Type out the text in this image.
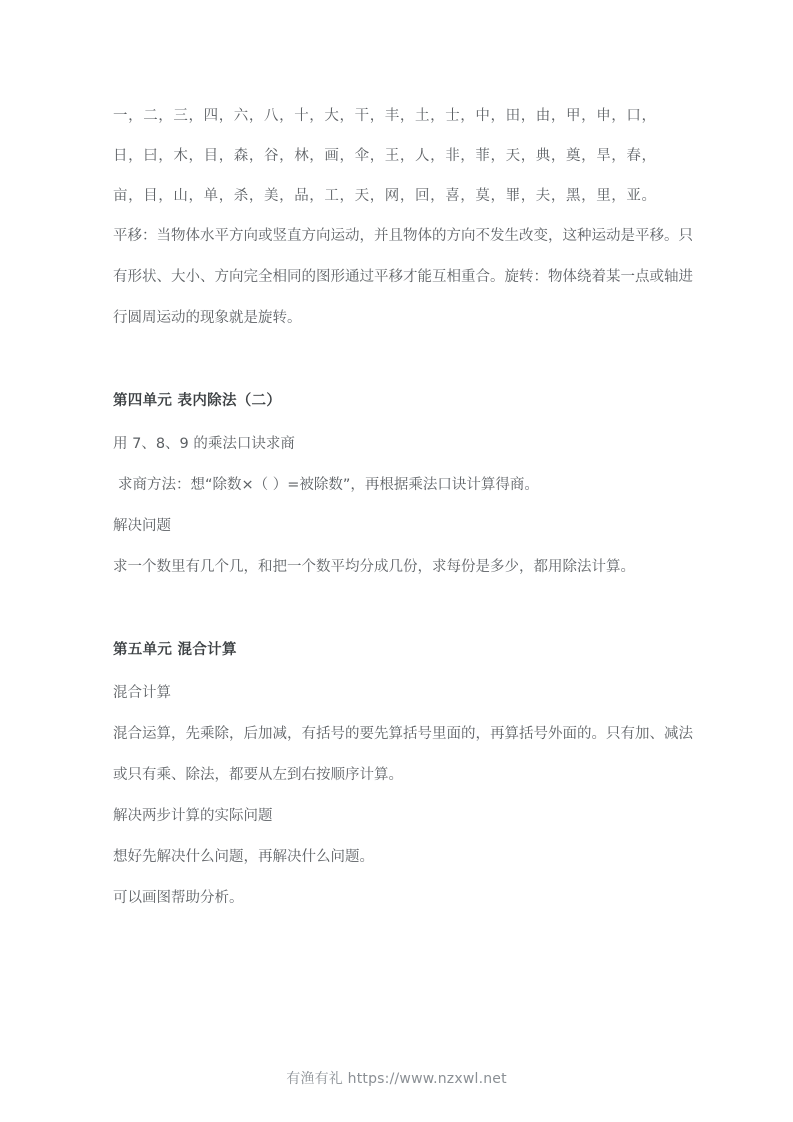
一，二，三，四，六，八，十，大，干，丰，土，士，中，田，由，甲，申，口，
日，曰，木，目，森，谷，林，画，伞，王，人，非，菲，天，典，奠，旱，春，
亩，目，山，单，杀，美，品，工，天，网，回，喜，莫，罪，夫，黑，里，亚。
平移：当物体水平方向或竖直方向运动，并且物体的方向不发生改变，这种运动是平移。只有形状、大小、方向完全相同的图形通过平移才能互相重合。旋转：物体绕着某一点或轴进行圆周运动的现象就是旋转。
第四单元 表内除法（二）
用 7、8、9 的乘法口诀求商
求商方法：想“除数×（ ）=被除数”，再根据乘法口诀计算得商。
解决问题
求一个数里有几个几，和把一个数平均分成几份，求每份是多少，都用除法计算。
第五单元 混合计算
混合计算
混合运算，先乘除，后加减，有括号的要先算括号里面的，再算括号外面的。只有加、减法或只有乘、除法，都要从左到右按顺序计算。
解决两步计算的实际问题
想好先解决什么问题，再解决什么问题。
可以画图帮助分析。
有渔有礼 https://www.nzxwl.net
